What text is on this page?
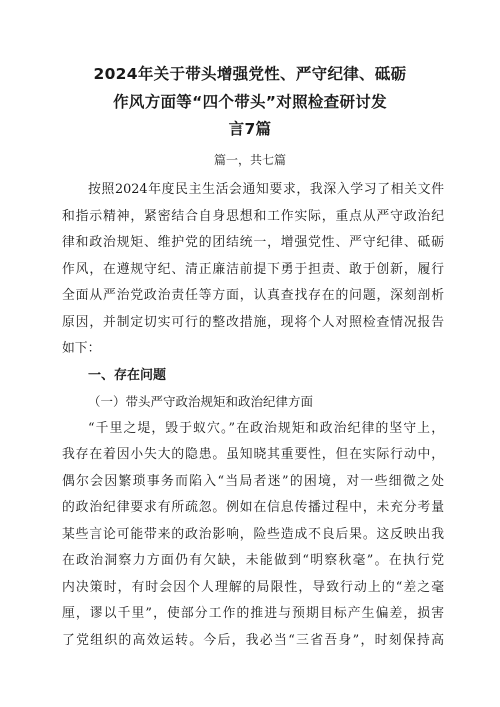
2024年关于带头增强党性、严守纪律、砥砺
作风方面等“四个带头”对照检查研讨发
言7篇
篇一，共七篇
按照2024年度民主生活会通知要求，我深入学习了相关文件
和指示精神，紧密结合自身思想和工作实际，重点从严守政治纪
律和政治规矩、维护党的团结统一，增强党性、严守纪律、砥砺
作风，在遵规守纪、清正廉洁前提下勇于担责、敢于创新，履行
全面从严治党政治责任等方面，认真查找存在的问题，深刻剖析
原因，并制定切实可行的整改措施，现将个人对照检查情况报告
如下：
一、存在问题
（一）带头严守政治规矩和政治纪律方面
“千里之堤，毁于蚁穴。”在政治规矩和政治纪律的坚守上，
我存在着因小失大的隐患。虽知晓其重要性，但在实际行动中，
偶尔会因繁琐事务而陷入“当局者迷”的困境，对一些细微之处
的政治纪律要求有所疏忽。例如在信息传播过程中，未充分考量
某些言论可能带来的政治影响，险些造成不良后果。这反映出我
在政治洞察力方面仍有欠缺，未能做到“明察秋毫”。在执行党
内决策时，有时会因个人理解的局限性，导致行动上的“差之毫
厘，谬以千里”，使部分工作的推进与预期目标产生偏差，损害
了党组织的高效运转。今后，我必当“三省吾身”，时刻保持高
